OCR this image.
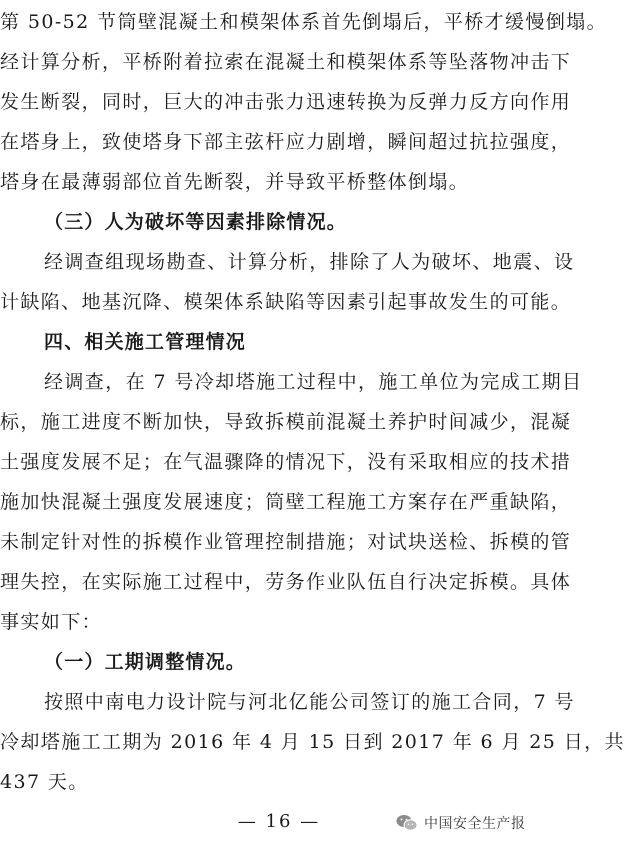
第 50-52 节筒壁混凝土和模架体系首先倒塌后，平桥才缓慢倒塌。
经计算分析，平桥附着拉索在混凝土和模架体系等坠落物冲击下
发生断裂，同时，巨大的冲击张力迅速转换为反弹力反方向作用
在塔身上，致使塔身下部主弦杆应力剧增，瞬间超过抗拉强度，
塔身在最薄弱部位首先断裂，并导致平桥整体倒塌。
（三）人为破坏等因素排除情况。
经调查组现场勘查、计算分析，排除了人为破坏、地震、设
计缺陷、地基沉降、模架体系缺陷等因素引起事故发生的可能。
四、相关施工管理情况
经调查，在 7 号冷却塔施工过程中，施工单位为完成工期目
标，施工进度不断加快，导致拆模前混凝土养护时间减少，混凝
土强度发展不足；在气温骤降的情况下，没有采取相应的技术措
施加快混凝土强度发展速度；筒壁工程施工方案存在严重缺陷，
未制定针对性的拆模作业管理控制措施；对试块送检、拆模的管
理失控，在实际施工过程中，劳务作业队伍自行决定拆模。具体
事实如下：
（一）工期调整情况。
按照中南电力设计院与河北亿能公司签订的施工合同，7 号
冷却塔施工工期为 2016 年 4 月 15 日到 2017 年 6 月 25 日，共
437 天。
— 16 —	中国安全生产报
